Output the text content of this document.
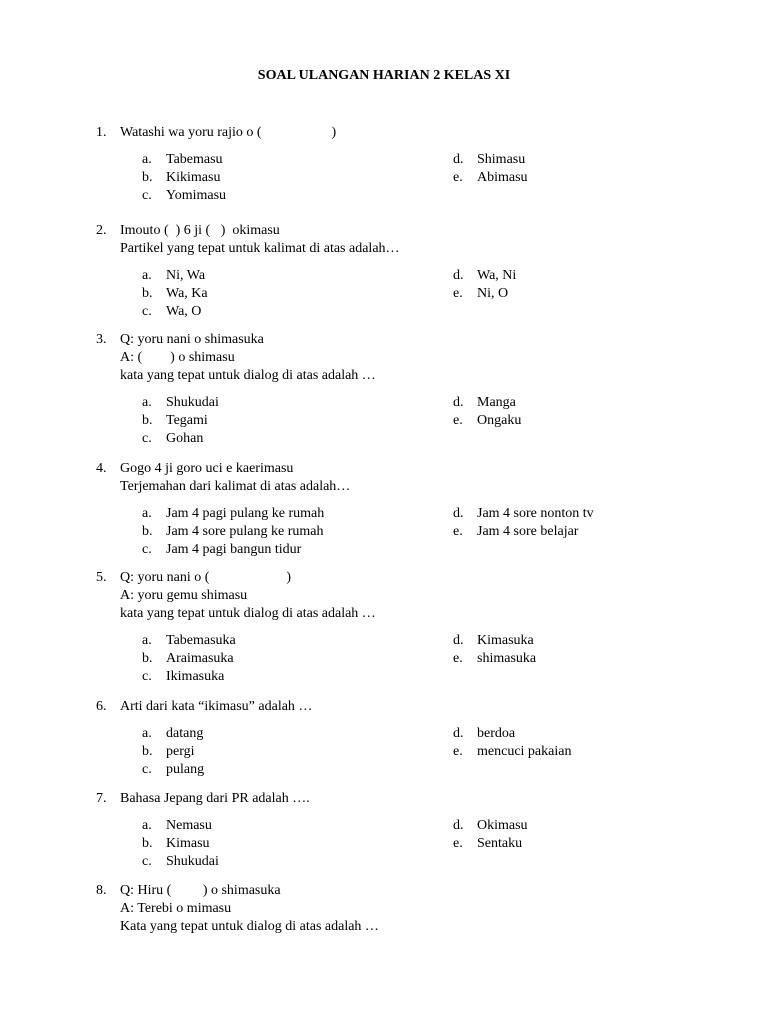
SOAL ULANGAN HARIAN 2 KELAS XI
1. Watashi wa yoru rajio o (                    )
a. Tabemasu
b. Kikimasu
c. Yomimasu
d. Shimasu
e. Abimasu
2. Imouto (  ) 6 ji (   )  okimasu
Partikel yang tepat untuk kalimat di atas adalah…
a. Ni, Wa
b. Wa, Ka
c. Wa, O
d. Wa, Ni
e. Ni, O
3. Q: yoru nani o shimasuka
A: (        ) o shimasu
kata yang tepat untuk dialog di atas adalah …
a. Shukudai
b. Tegami
c. Gohan
d. Manga
e. Ongaku
4. Gogo 4 ji goro uci e kaerimasu
Terjemahan dari kalimat di atas adalah…
a. Jam 4 pagi pulang ke rumah
b. Jam 4 sore pulang ke rumah
c. Jam 4 pagi bangun tidur
d. Jam 4 sore nonton tv
e. Jam 4 sore belajar
5. Q: yoru nani o (                      )
A: yoru gemu shimasu
kata yang tepat untuk dialog di atas adalah …
a. Tabemasuka
b. Araimasuka
c. Ikimasuka
d. Kimasuka
e. shimasuka
6. Arti dari kata “ikimasu” adalah …
a. datang
b. pergi
c. pulang
d. berdoa
e. mencuci pakaian
7. Bahasa Jepang dari PR adalah ….
a. Nemasu
b. Kimasu
c. Shukudai
d. Okimasu
e. Sentaku
8. Q: Hiru (         ) o shimasuka
A: Terebi o mimasu
Kata yang tepat untuk dialog di atas adalah …
